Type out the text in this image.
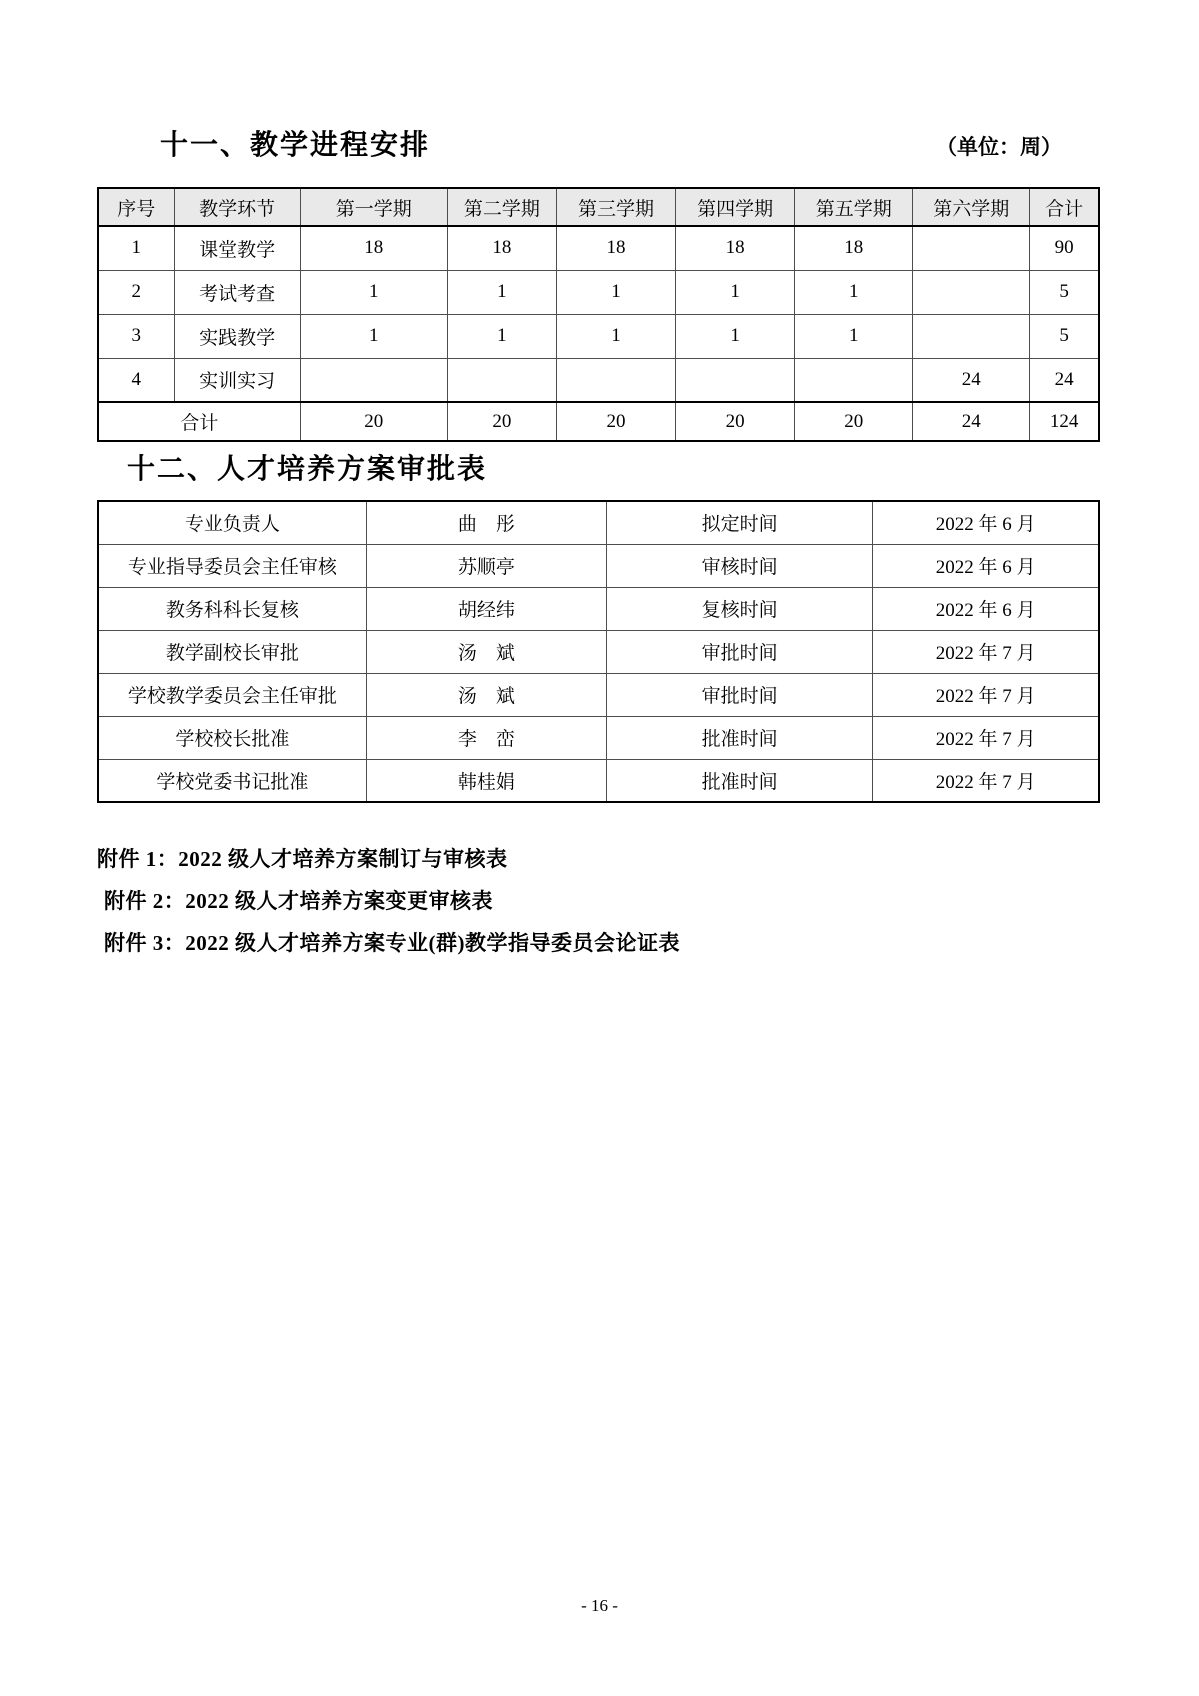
十一、教学进程安排	（单位：周）
序号	教学环节	第一学期	第二学期	第三学期	第四学期	第五学期	第六学期	合计
1	课堂教学	18	18	18	18	18		90
2	考试考查	1	1	1	1	1		5
3	实践教学	1	1	1	1	1		5
4	实训实习						24	24
合计		20	20	20	20	20	24	124
十二、人才培养方案审批表
专业负责人	曲　彤	拟定时间	2022 年 6 月
专业指导委员会主任审核	苏顺亭	审核时间	2022 年 6 月
教务科科长复核	胡经纬	复核时间	2022 年 6 月
教学副校长审批	汤　斌	审批时间	2022 年 7 月
学校教学委员会主任审批	汤　斌	审批时间	2022 年 7 月
学校校长批准	李　峦	批准时间	2022 年 7 月
学校党委书记批准	韩桂娟	批准时间	2022 年 7 月

附件 1：2022 级人才培养方案制订与审核表

附件 2：2022 级人才培养方案变更审核表

附件 3：2022 级人才培养方案专业(群)教学指导委员会论证表

- 16 -
